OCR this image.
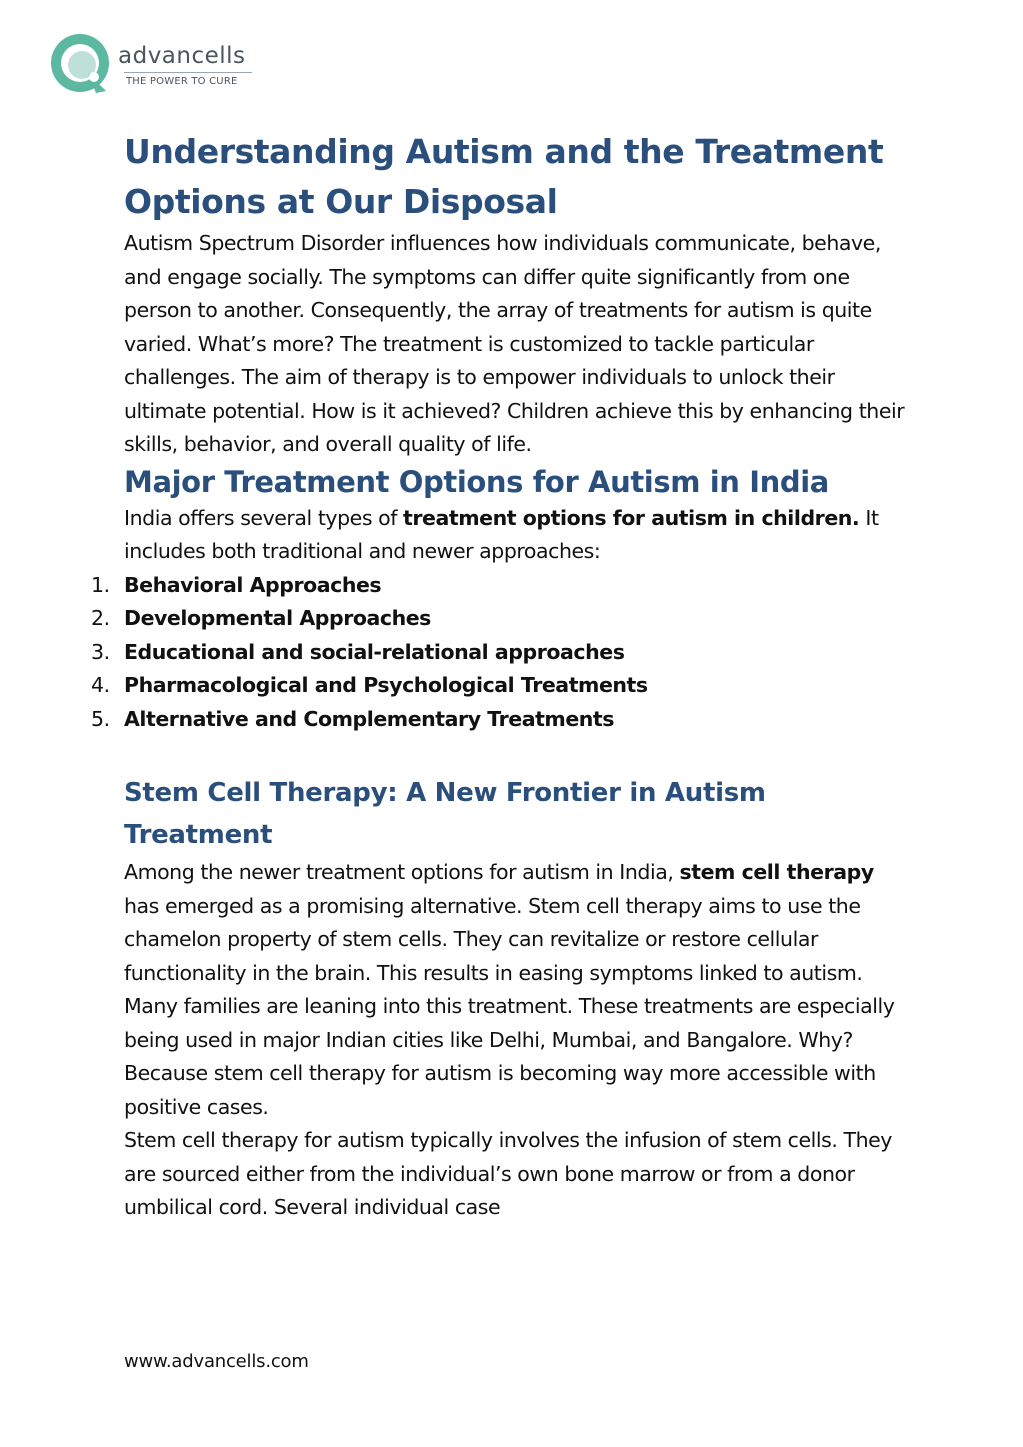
advancells
THE POWER TO CURE
Understanding Autism and the Treatment Options at Our Disposal

Autism Spectrum Disorder influences how individuals communicate, behave, and engage socially. The symptoms can differ quite significantly from one person to another. Consequently, the array of treatments for autism is quite varied. What’s more? The treatment is customized to tackle particular challenges. The aim of therapy is to empower individuals to unlock their ultimate potential. How is it achieved? Children achieve this by enhancing their skills, behavior, and overall quality of life.

Major Treatment Options for Autism in India

India offers several types of treatment options for autism in children. It includes both traditional and newer approaches:

1. Behavioral Approaches
2. Developmental Approaches
3. Educational and social-relational approaches
4. Pharmacological and Psychological Treatments
5. Alternative and Complementary Treatments
Stem Cell Therapy: A New Frontier in Autism Treatment

Among the newer treatment options for autism in India, stem cell therapy has emerged as a promising alternative. Stem cell therapy aims to use the chamelon property of stem cells. They can revitalize or restore cellular functionality in the brain. This results in easing symptoms linked to autism. Many families are leaning into this treatment. These treatments are especially being used in major Indian cities like Delhi, Mumbai, and Bangalore. Why? Because stem cell therapy for autism is becoming way more accessible with positive cases.

Stem cell therapy for autism typically involves the infusion of stem cells. They are sourced either from the individual’s own bone marrow or from a donor umbilical cord. Several individual case

www.advancells.com
